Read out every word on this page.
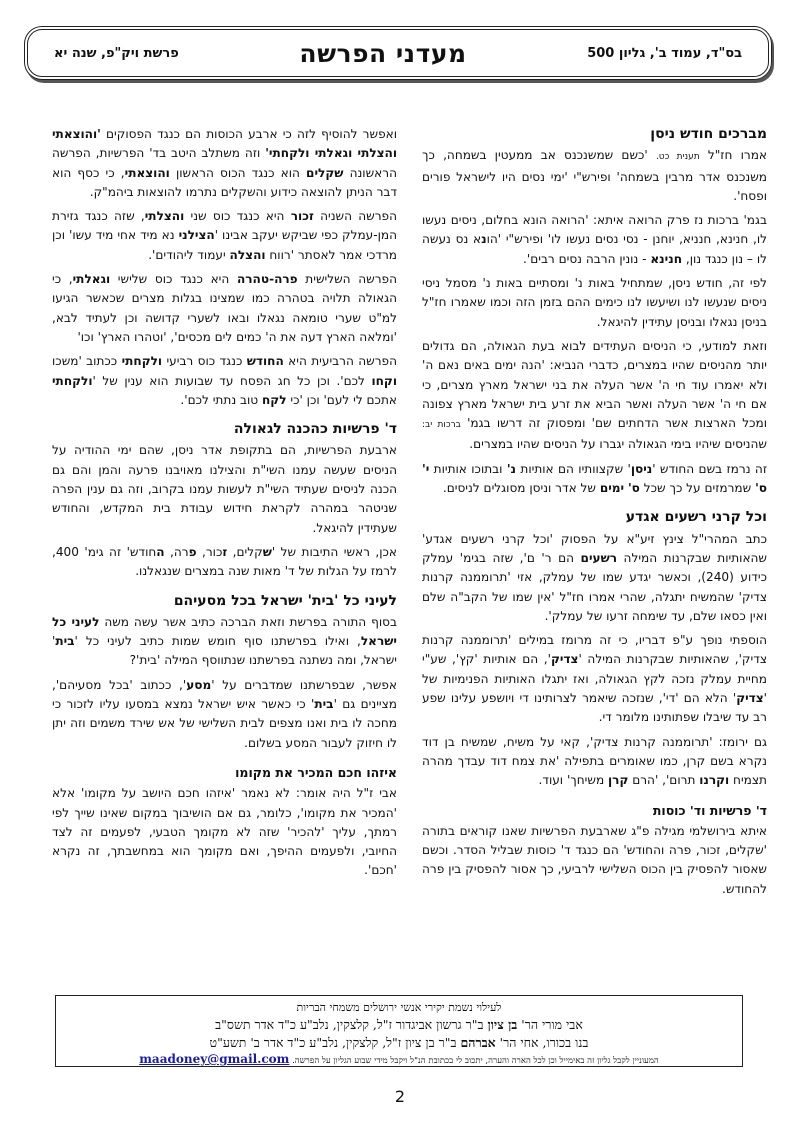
בס"ד, עמוד ב', גליון 500
מעדני הפרשה
פרשת ויק"פ, שנה יא
מברכים חודש ניסן

אמרו חז"ל תענית כט. 'כשם שמשנכנס אב ממעטין בשמחה, כך משנכנס אדר מרבין בשמחה' ופירש"י 'ימי נסים היו לישראל פורים ופסח'.

בגמ' ברכות נז פרק הרואה איתא: 'הרואה הונא בחלום, ניסים נעשו לו, חנינא, חנניא, יוחנן - נסי נסים נעשו לו' ופירש"י 'הונא נס נעשה לו – נון כנגד נון, חנינא - נונין הרבה נסים רבים'.

לפי זה, חודש ניסן, שמתחיל באות נ' ומסתיים באות נ' מסמל ניסי ניסים שנעשו לנו ושיעשו לנו כימים ההם בזמן הזה וכמו שאמרו חז"ל בניסן נגאלו ובניסן עתידין להיגאל.

וזאת למודעי, כי הניסים העתידים לבוא בעת הגאולה, הם גדולים יותר מהניסים שהיו במצרים, כדברי הנביא: 'הנה ימים באים נאם ה' ולא יאמרו עוד חי ה' אשר העלה את בני ישראל מארץ מצרים, כי אם חי ה' אשר העלה ואשר הביא את זרע בית ישראל מארץ צפונה ומכל הארצות אשר הדחתים שם' ומפסוק זה דרשו בגמ' ברכות יב: שהניסים שיהיו בימי הגאולה יגברו על הניסים שהיו במצרים.

זה נרמז בשם החודש 'ניסן' שקצוותיו הם אותיות נ' ובתוכו אותיות י' ס' שמרמזים על כך שכל ס' ימים של אדר וניסן מסוגלים לניסים.

וכל קרני רשעים אגדע

כתב המהרי"ל צינץ זיע"א על הפסוק 'וכל קרני רשעים אגדע' שהאותיות שבקרנות המילה רשעים הם ר' ם', שזה בגימ' עמלק כידוע (240), וכאשר יגדע שמו של עמלק, אזי 'תרוממנה קרנות צדיק' שהמשיח יתגלה, שהרי אמרו חז"ל 'אין שמו של הקב"ה שלם ואין כסאו שלם, עד שימחה זרעו של עמלק'.

הוספתי נופך ע"פ דבריו, כי זה מרומז במילים 'תרוממנה קרנות צדיק', שהאותיות שבקרנות המילה 'צדיק', הם אותיות 'קץ', שע"י מחיית עמלק נזכה לקץ הגאולה, ואז יתגלו האותיות הפנימיות של 'צדיק' הלא הם 'די', שנזכה שיאמר לצרותינו די ויושפע עלינו שפע רב עד שיבלו שפתותינו מלומר די.

גם ירומז: 'תרוממנה קרנות צדיק', קאי על משיח, שמשיח בן דוד נקרא בשם קרן, כמו שאומרים בתפילה 'את צמח דוד עבדך מהרה תצמיח וקרנו תרום', 'הרם קרן משיחך' ועוד.

ד' פרשיות וד' כוסות

איתא בירושלמי מגילה פ"ג שארבעת הפרשיות שאנו קוראים בתורה 'שקלים, זכור, פרה והחודש' הם כנגד ד' כוסות שבליל הסדר. וכשם שאסור להפסיק בין הכוס השלישי לרביעי, כך אסור להפסיק בין פרה להחודש.

ואפשר להוסיף לזה כי ארבע הכוסות הם כנגד הפסוקים 'והוצאתי והצלתי וגאלתי ולקחתי' וזה משתלב היטב בד' הפרשיות, הפרשה הראשונה שקלים הוא כנגד הכוס הראשון והוצאתי, כי כסף הוא דבר הניתן להוצאה כידוע והשקלים נתרמו להוצאות ביהמ"ק.

הפרשה השניה זכור היא כנגד כוס שני והצלתי, שזה כנגד גזירת המן-עמלק כפי שביקש יעקב אבינו 'הצילני נא מיד אחי מיד עשו' וכן מרדכי אמר לאסתר 'רווח והצלה יעמוד ליהודים'.

הפרשה השלישית פרה-טהרה היא כנגד כוס שלישי וגאלתי, כי הגאולה תלויה בטהרה כמו שמצינו בגלות מצרים שכאשר הגיעו למ"ט שערי טומאה נגאלו ובאו לשערי קדושה וכן לעתיד לבא, 'ומלאה הארץ דעה את ה' כמים לים מכסים', 'וטהרו הארץ' וכו'

הפרשה הרביעית היא החודש כנגד כוס רביעי ולקחתי ככתוב 'משכו וקחו לכם'. וכן כל חג הפסח עד שבועות הוא ענין של 'ולקחתי אתכם לי לעם' וכן 'כי לקח טוב נתתי לכם'.

ד' פרשיות כהכנה לגאולה

ארבעת הפרשיות, הם בתקופת אדר ניסן, שהם ימי ההודיה על הניסים שעשה עמנו השי"ת והצילנו מאויבנו פרעה והמן והם גם הכנה לניסים שעתיד השי"ת לעשות עמנו בקרוב, וזה גם ענין הפרה שניטהר במהרה לקראת חידוש עבודת בית המקדש, והחודש שעתידין להיגאל.

אכן, ראשי התיבות של 'שקלים, זכור, פרה, החודש' זה גימ' 400, לרמז על הגלות של ד' מאות שנה במצרים שנגאלנו.

לעיני כל 'בית' ישראל בכל מסעיהם

בסוף התורה בפרשת וזאת הברכה כתיב אשר עשה משה לעיני כל ישראל, ואילו בפרשתנו סוף חומש שמות כתיב לעיני כל 'בית' ישראל, ומה נשתנה בפרשתנו שנתווסף המילה 'בית'?

אפשר, שבפרשתנו שמדברים על 'מסע', ככתוב 'בכל מסעיהם', מציינים גם 'בית' כי כאשר איש ישראל נמצא במסעו עליו לזכור כי מחכה לו בית ואנו מצפים לבית השלישי של אש שירד משמים וזה יתן לו חיזוק לעבור המסע בשלום.

איזהו חכם המכיר את מקומו

אבי ז"ל היה אומר: לא נאמר 'איזהו חכם היושב על מקומו' אלא 'המכיר את מקומו', כלומר, גם אם הושיבוך במקום שאינו שייך לפי רמתך, עליך 'להכיר' שזה לא מקומך הטבעי, לפעמים זה לצד החיובי, ולפעמים ההיפך, ואם מקומך הוא במחשבתך, זה נקרא 'חכם'.

לעילוי נשמת יקירי אנשי ירושלים משמחי הבריות
אבי מורי הר' בן ציון ב"ר גרשון אביגדור ז"ל, קלצקין, נלב"ע כ"ד אדר תשס"ב
בנו בכורו, אחי הר' אברהם ב"ר בן ציון ז"ל, קלצקין, נלב"ע כ"ד אדר ב' תשע"ט
המעוניין לקבל גליון זה באימייל וכן לכל הארה והערה, יתכוב לי בכתובת הנ"ל ויקבל מידי שבוע הגליון על הפרשה. maadoney@gmail.com
2
